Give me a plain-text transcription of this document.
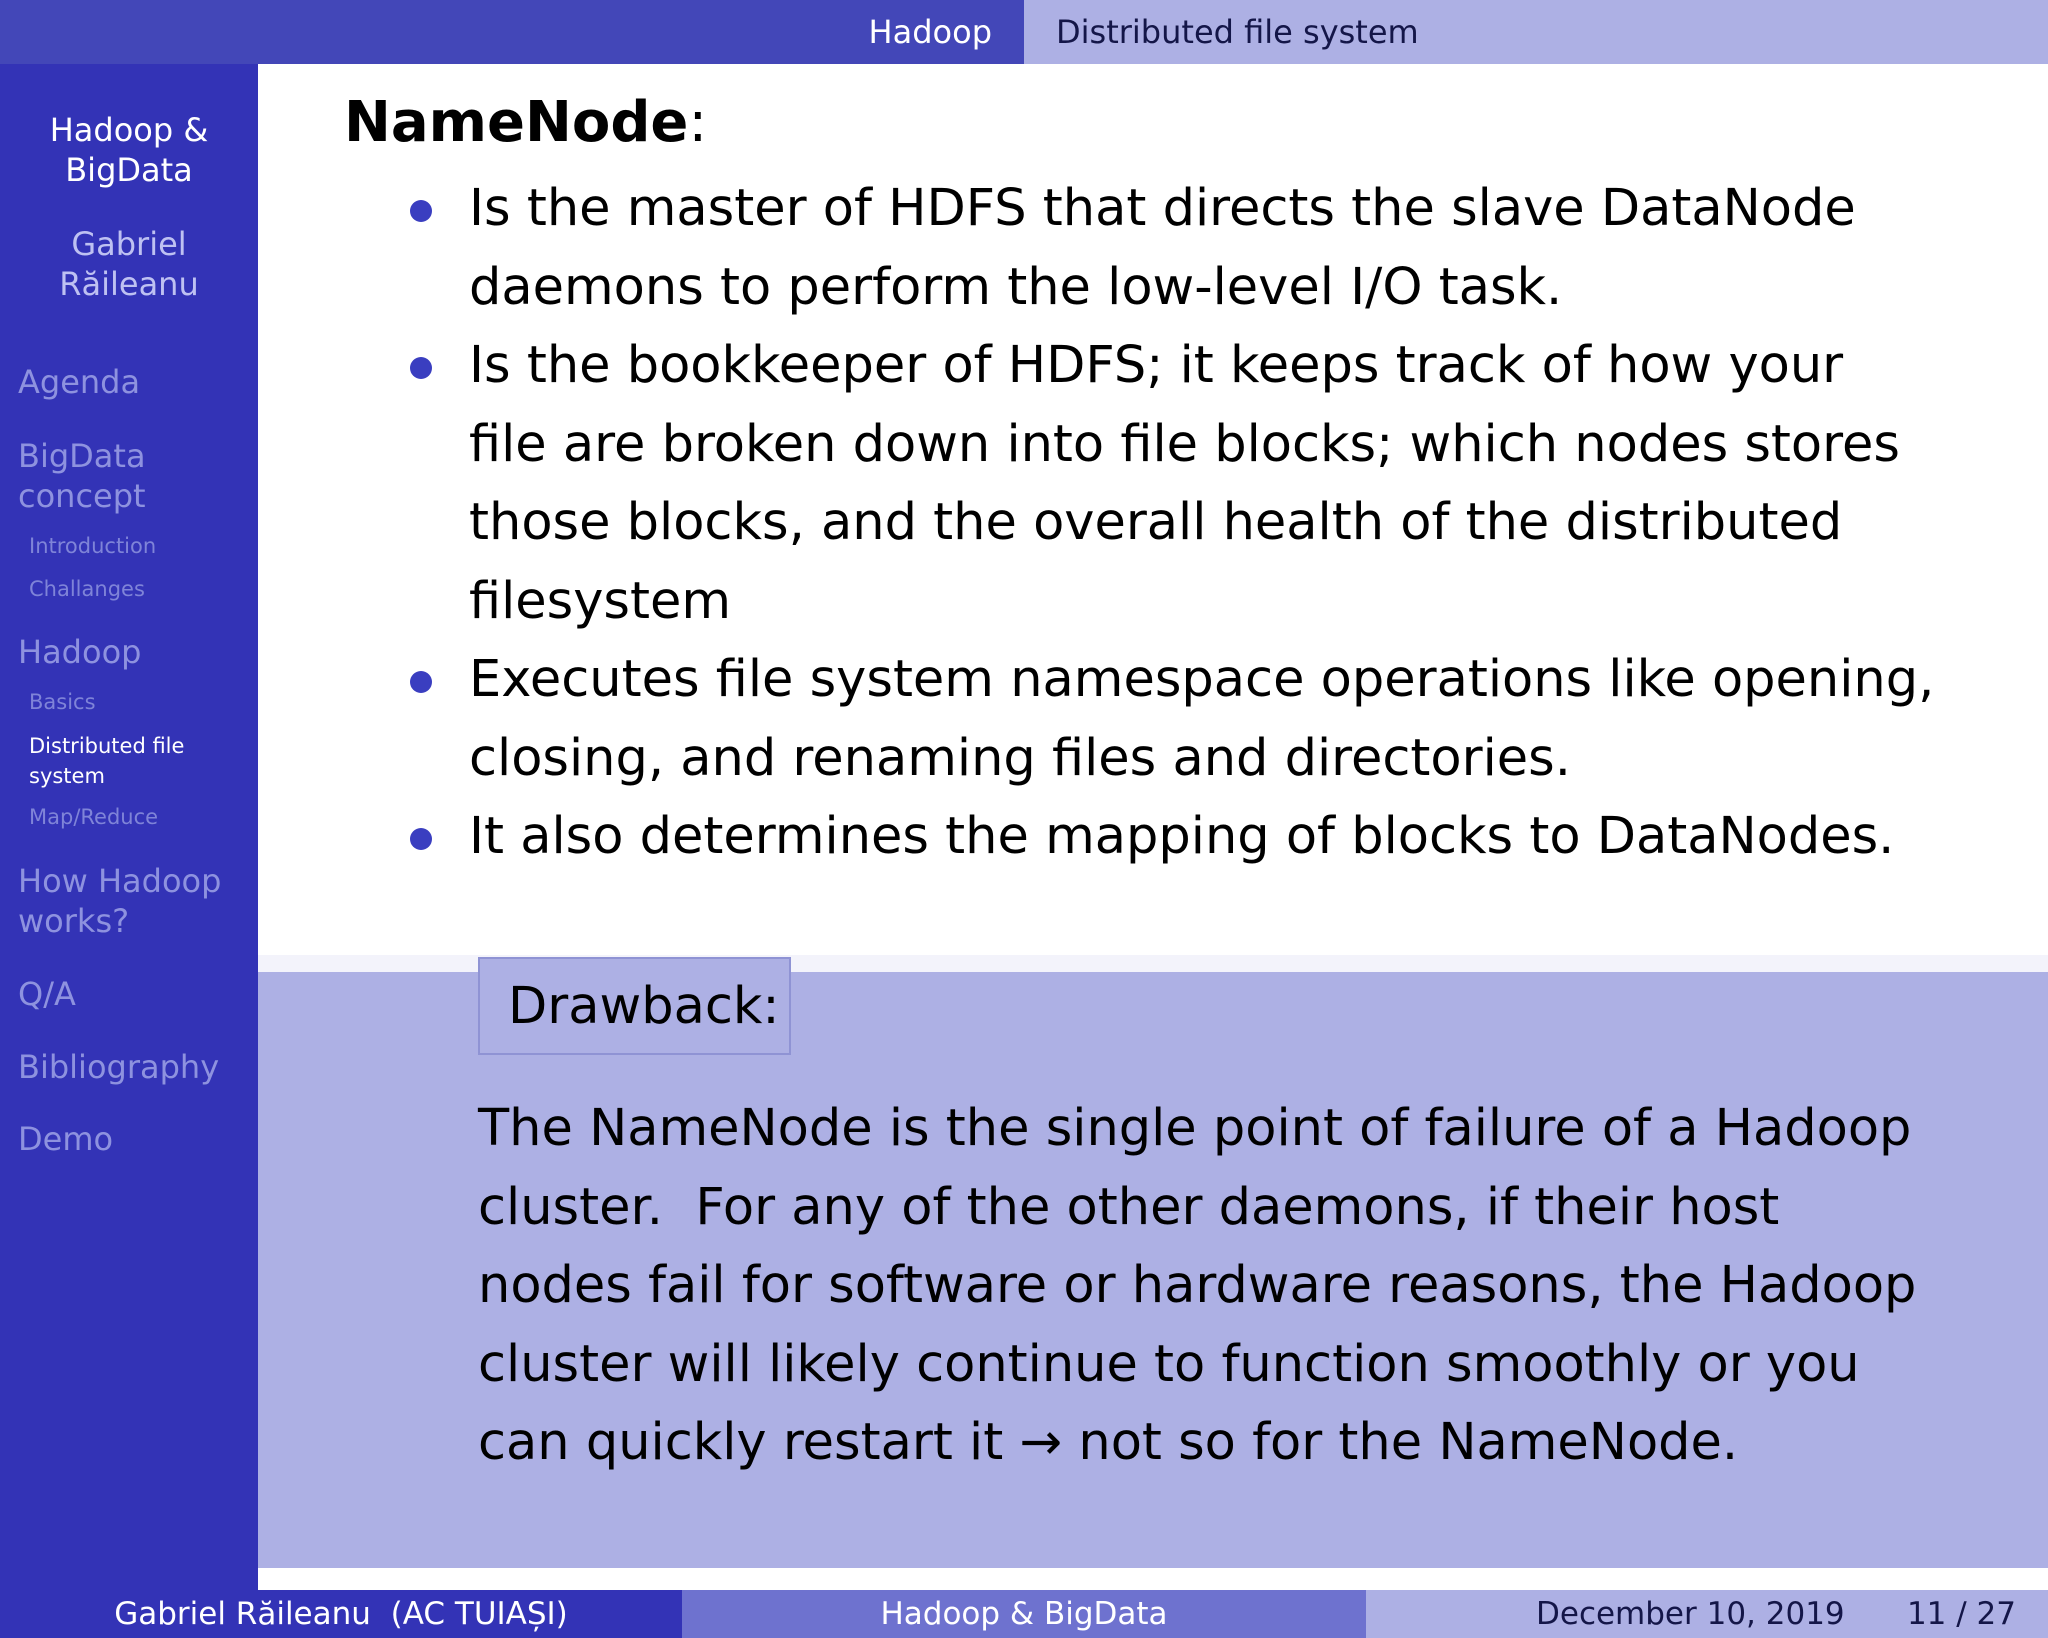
Hadoop Distributed file system
Hadoop &
BigData
Gabriel
Răileanu
Agenda
BigData
concept
Introduction
Challanges
Hadoop
Basics
Distributed file
system
Map/Reduce
How Hadoop
works?
Q/A
Bibliography
Demo
NameNode:
Is the master of HDFS that directs the slave DataNode
daemons to perform the low-level I/O task.
Is the bookkeeper of HDFS; it keeps track of how your
file are broken down into file blocks; which nodes stores
those blocks, and the overall health of the distributed
filesystem
Executes file system namespace operations like opening,
closing, and renaming files and directories.
It also determines the mapping of blocks to DataNodes.
Drawback:
The NameNode is the single point of failure of a Hadoop
cluster.  For any of the other daemons, if their host
nodes fail for software or hardware reasons, the Hadoop
cluster will likely continue to function smoothly or you
can quickly restart it → not so for the NameNode.
Gabriel Răileanu  (AC TUIAȘI)	Hadoop & BigData	December 10, 2019 11 / 27
